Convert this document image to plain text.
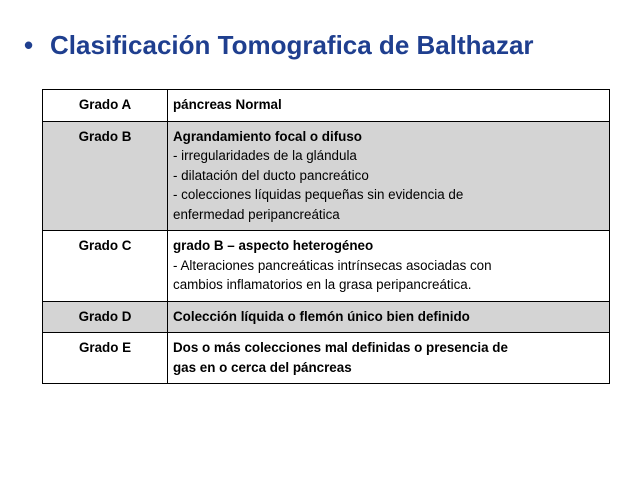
• Clasificación Tomografica de Balthazar
Grado A	páncreas Normal

Grado B	Agrandamiento focal o difuso
- irregularidades de la glándula
- dilatación del ducto pancreático
- colecciones líquidas pequeñas sin evidencia de
enfermedad peripancreática

Grado C	grado B – aspecto heterogéneo
- Alteraciones pancreáticas intrínsecas asociadas con
cambios inflamatorios en la grasa peripancreática.

Grado D	Colección líquida o flemón único bien definido

Grado E	Dos o más colecciones mal definidas o presencia de
gas en o cerca del páncreas
